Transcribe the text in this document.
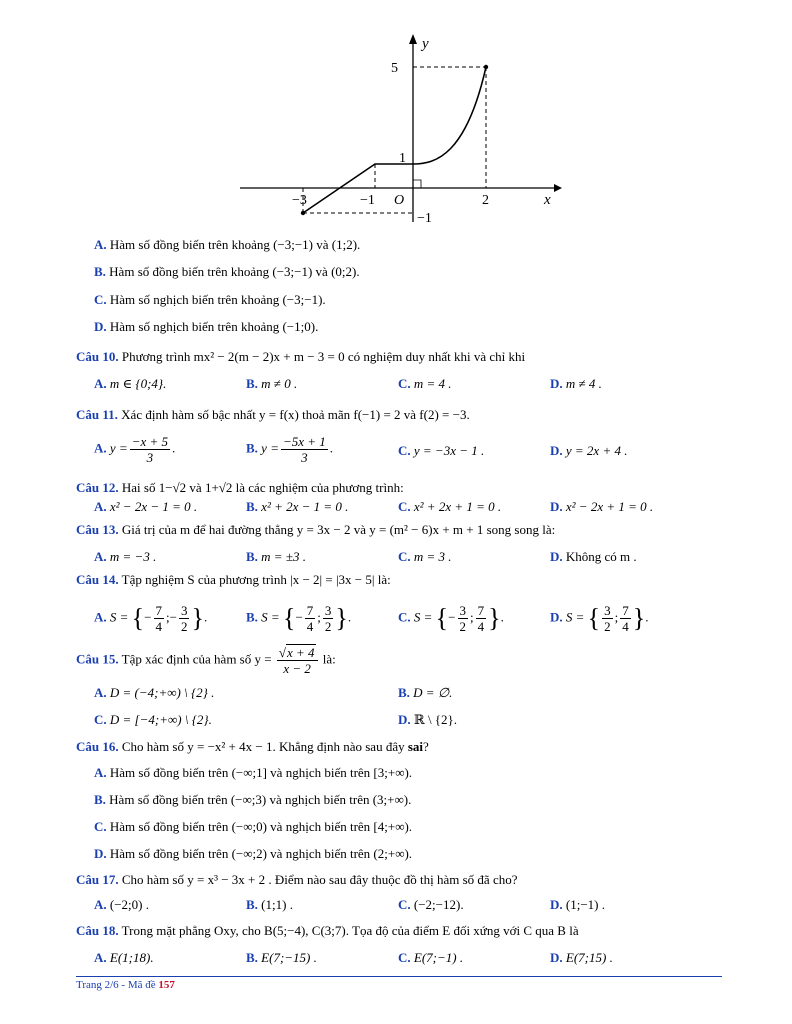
y
x
5
1
−1
−3	−1 O	2
A. Hàm số đồng biến trên khoảng (−3;−1) và (1;2).
B. Hàm số đồng biến trên khoảng (−3;−1) và (0;2).
C. Hàm số nghịch biến trên khoảng (−3;−1).
D. Hàm số nghịch biến trên khoảng (−1;0).
Câu 10. Phương trình mx² − 2(m − 2)x + m − 3 = 0 có nghiệm duy nhất khi và chỉ khi
A. m ∈ {0;4}.	B. m ≠ 0 .	C. m = 4 .	D. m ≠ 4 .
Câu 11. Xác định hàm số bậc nhất y = f(x) thoả mãn f(−1) = 2 và f(2) = −3.
A. $y = \frac{-x + 5}{3}$ .	B. $y = \frac{-5x + 1}{3}$ .	C. y = −3x − 1 .	D. y = 2x + 4 .
Câu 12. Hai số 1−√2 và 1+√2 là các nghiệm của phương trình:
A. x² − 2x − 1 = 0 .	B. x² + 2x − 1 = 0 .	C. x² + 2x + 1 = 0 .	D. x² − 2x + 1 = 0 .
Câu 13. Giá trị của m để hai đường thẳng y = 3x − 2 và y = (m² − 6)x + m + 1 song song là:
A. m = −3 .	B. m = ±3 .	C. m = 3 .	D. Không có m .
Câu 14. Tập nghiệm S của phương trình |x − 2| = |3x − 5| là:
A. S = {− $\frac{7}{4}$ ;− $\frac{3}{2}$ }.	B. S = {− $\frac{7}{4}$ ; $\frac{3}{2}$ }.	C. S = {− $\frac{3}{2}$ ; $\frac{7}{4}$ }.	D. S = { $\frac{3}{2}$ ; $\frac{7}{4}$ }.
Câu 15. Tập xác định của hàm số $y = \frac{√x + 4}{x - 2}$ là:
A. D = (−4;+∞) \ {2} .	B. D = ∅.
C. D = [−4;+∞) \ {2}.	D. ℝ \ {2}.
Câu 16. Cho hàm số y = −x² + 4x − 1. Khẳng định nào sau đây sai?
A. Hàm số đồng biến trên (−∞;1] và nghịch biến trên [3;+∞).
B. Hàm số đồng biến trên (−∞;3) và nghịch biến trên (3;+∞).
C. Hàm số đồng biến trên (−∞;0) và nghịch biến trên [4;+∞).
D. Hàm số đồng biến trên (−∞;2) và nghịch biến trên (2;+∞).
Câu 17. Cho hàm số y = x³ − 3x + 2 . Điểm nào sau đây thuộc đồ thị hàm số đã cho?
A. (−2;0) .	B. (1;1) .	C. (−2;−12).	D. (1;−1) .
Câu 18. Trong mặt phẳng Oxy, cho B(5;−4), C(3;7). Tọa độ của điểm E đối xứng với C qua B là
A. E(1;18).	B. E(7;−15) .	C. E(7;−1) .	D. E(7;15) .
Trang 2/6 - Mã đề 157
